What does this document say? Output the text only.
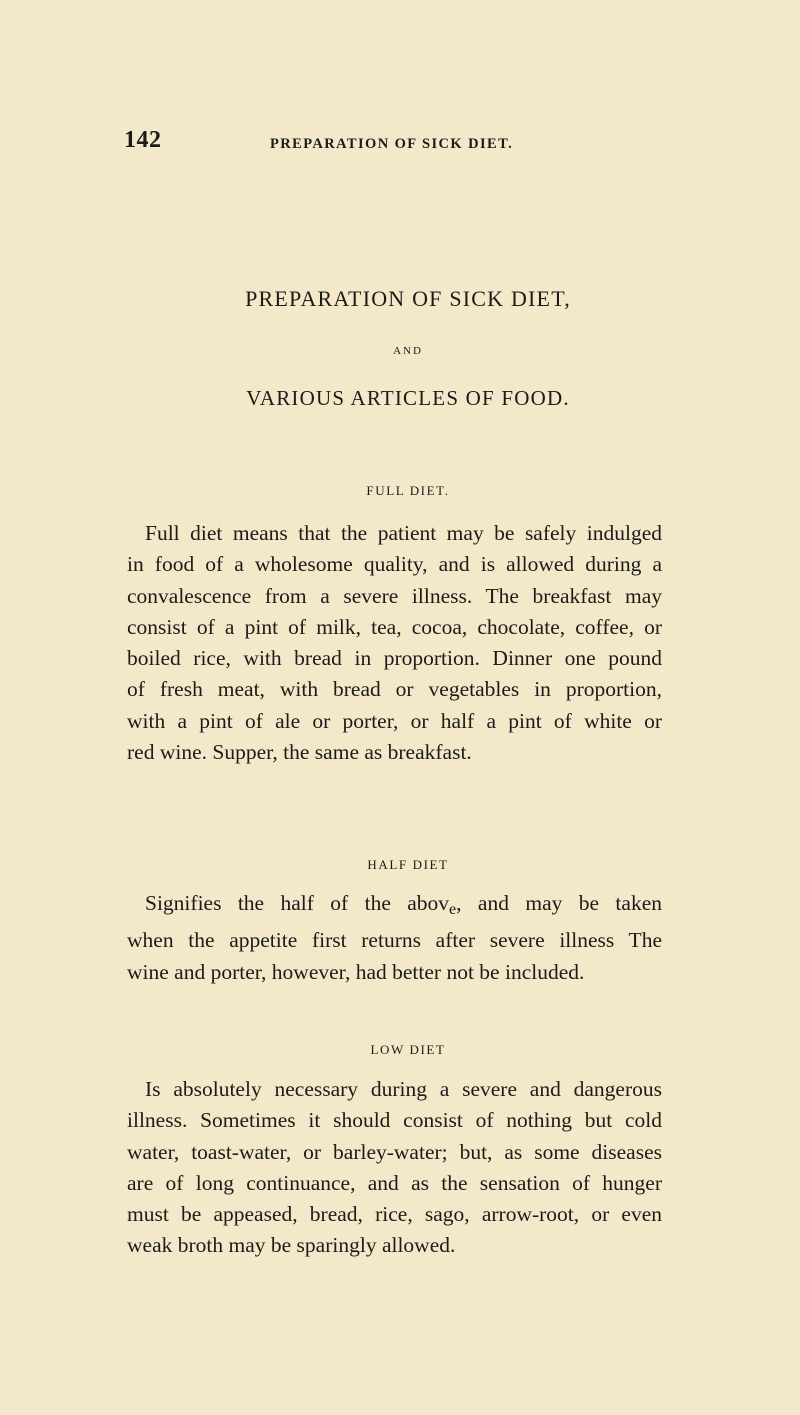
142	PREPARATION OF SICK DIET.
PREPARATION OF SICK DIET,
AND
VARIOUS ARTICLES OF FOOD.
FULL DIET.
Full diet means that the patient may be safely indulged
in food of a wholesome quality, and is allowed during a
convalescence from a severe illness. The breakfast may
consist of a pint of milk, tea, cocoa, chocolate, coffee, or
boiled rice, with bread in proportion. Dinner one pound
of fresh meat, with bread or vegetables in proportion,
with a pint of ale or porter, or half a pint of white or
red wine. Supper, the same as breakfast.
HALF DIET
Signifies the half of the above, and may be taken
when the appetite first returns after severe illness The
wine and porter, however, had better not be included.
LOW DIET
Is absolutely necessary during a severe and dangerous
illness. Sometimes it should consist of nothing but cold
water, toast-water, or barley-water; but, as some diseases
are of long continuance, and as the sensation of hunger
must be appeased, bread, rice, sago, arrow-root, or even
weak broth may be sparingly allowed.
